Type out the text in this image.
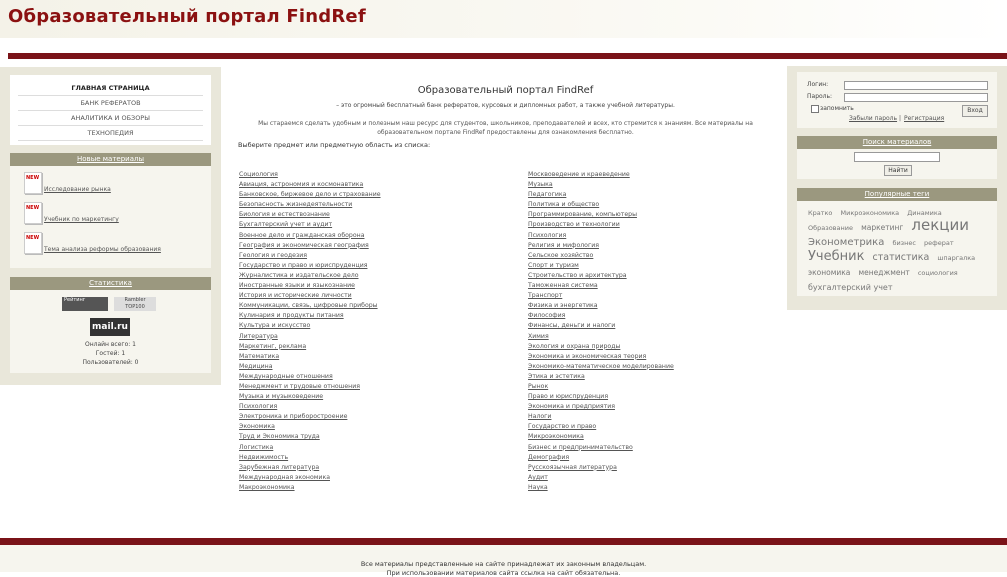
Образовательный портал FindRef
ГЛАВНАЯ СТРАНИЦА
БАНК РЕФЕРАТОВ
АНАЛИТИКА И ОБЗОРЫ
ТЕХНОПЕДИЯ
Новые материалы
NEW
Исследование рынка
NEW
Учебник по маркетингу
NEW
Тема анализа реформы образования
Статистика
Рейтинг	Rambler TOP100
mail.ru
Онлайн всего: 1
Гостей: 1
Пользователей: 0
Образовательный портал FindRef
– это огромный бесплатный банк рефератов, курсовых и дипломных работ, а также учебной литературы.
Мы стараемся сделать удобным и полезным наш ресурс для студентов, школьников, преподавателей и всех, кто стремится к знаниям. Все материалы на образовательном портале FindRef предоставлены для ознакомления бесплатно.
Выберите предмет или предметную область из списка:
Социология
Авиация, астрономия и космонавтика
Банковское, биржевое дело и страхование
Безопасность жизнедеятельности
Биология и естествознание
Бухгалтерский учет и аудит
Военное дело и гражданская оборона
География и экономическая география
Геология и геодезия
Государство и право и юриспруденция
Журналистика и издательское дело
Иностранные языки и языкознание
История и исторические личности
Коммуникации, связь, цифровые приборы
Кулинария и продукты питания
Культура и искусство
Литература
Маркетинг, реклама
Математика
Медицина
Международные отношения
Менеджмент и трудовые отношения
Музыка и музыковедение
Психология
Электроника и приборостроение
Экономика
Труд и Экономика труда
Логистика
Недвижимость
Зарубежная литература
Международная экономика
Макроэкономика
Москвоведение и краеведение
Музыка
Педагогика
Политика и общество
Программирование, компьютеры
Производство и технологии
Психология
Религия и мифология
Сельское хозяйство
Спорт и туризм
Строительство и архитектура
Таможенная система
Транспорт
Физика и энергетика
Философия
Финансы, деньги и налоги
Химия
Экология и охрана природы
Экономика и экономическая теория
Экономико-математическое моделирование
Этика и эстетика
Рынок
Право и юриспруденция
Экономика и предприятия
Налоги
Государство и право
Микроэкономика
Бизнес и предпринимательство
Демография
Русскоязычная литература
Аудит
Наука
Логин:
Пароль:
запомнить
Забыли пароль | Регистрация
Вход
Поиск материалов
Найти
Популярные теги
Кратко Микроэкономика Динамика Образование маркетинг лекции Эконометрика бизнес реферат Учебник статистика шпаргалка экономика менеджмент социология бухгалтерский учет
Все материалы представленные на сайте принадлежат их законным владельцам.
При использовании материалов сайта ссылка на сайт обязательна.
